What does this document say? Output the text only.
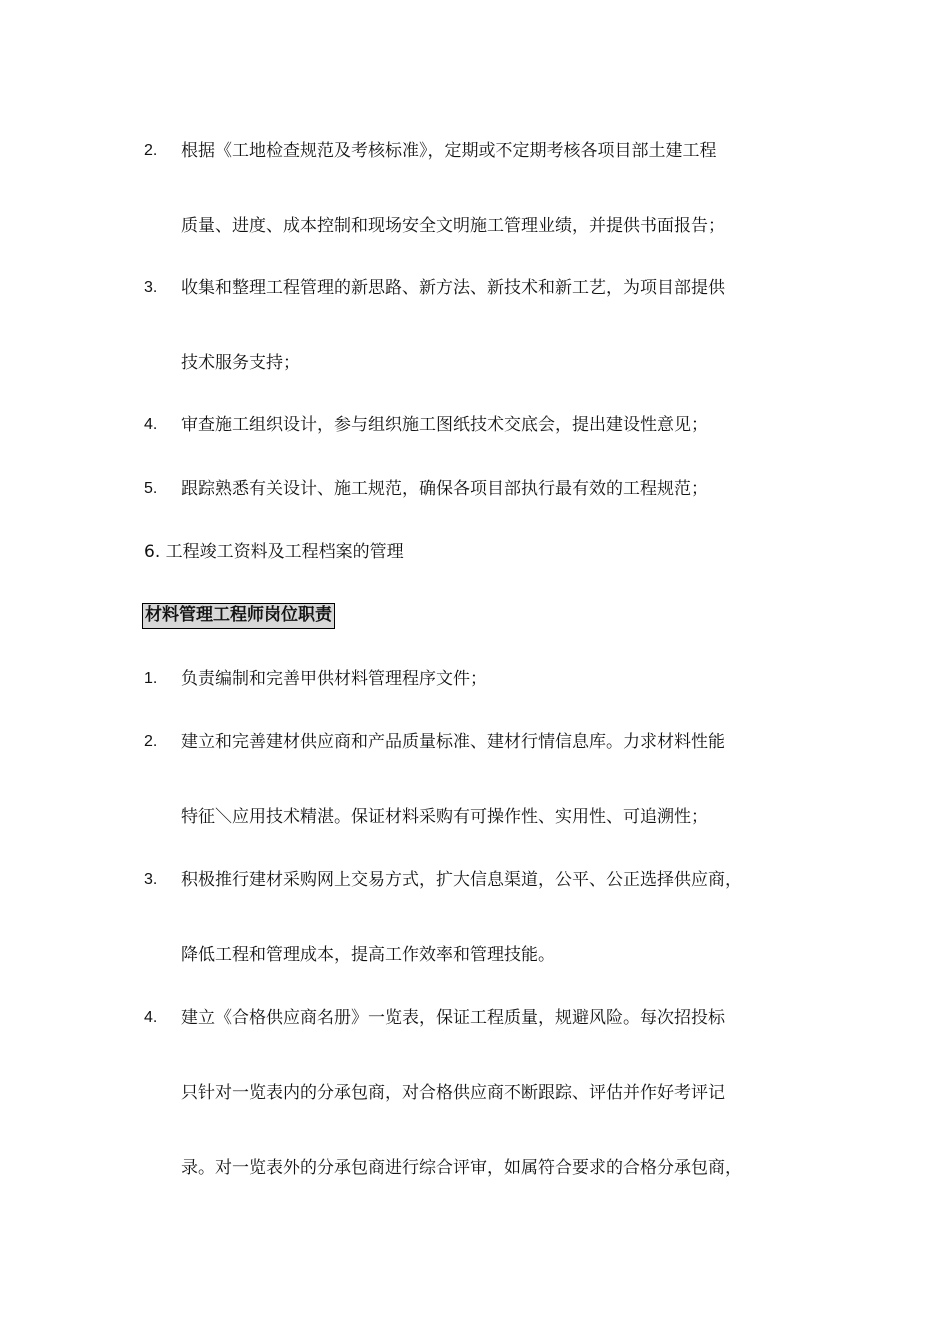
2. 根据《工地检查规范及考核标准》，定期或不定期考核各项目部土建工程
质量、进度、成本控制和现场安全文明施工管理业绩，并提供书面报告；
3. 收集和整理工程管理的新思路、新方法、新技术和新工艺，为项目部提供
技术服务支持；
4. 审查施工组织设计，参与组织施工图纸技术交底会，提出建设性意见；
5. 跟踪熟悉有关设计、施工规范，确保各项目部执行最有效的工程规范；
6. 工程竣工资料及工程档案的管理
材料管理工程师岗位职责
1. 负责编制和完善甲供材料管理程序文件；
2. 建立和完善建材供应商和产品质量标准、建材行情信息库。力求材料性能
特征＼应用技术精湛。保证材料采购有可操作性、实用性、可追溯性；
3. 积极推行建材采购网上交易方式，扩大信息渠道，公平、公正选择供应商，
降低工程和管理成本，提高工作效率和管理技能。
4. 建立《合格供应商名册》一览表，保证工程质量，规避风险。每次招投标
只针对一览表内的分承包商，对合格供应商不断跟踪、评估并作好考评记
录。对一览表外的分承包商进行综合评审，如属符合要求的合格分承包商，
